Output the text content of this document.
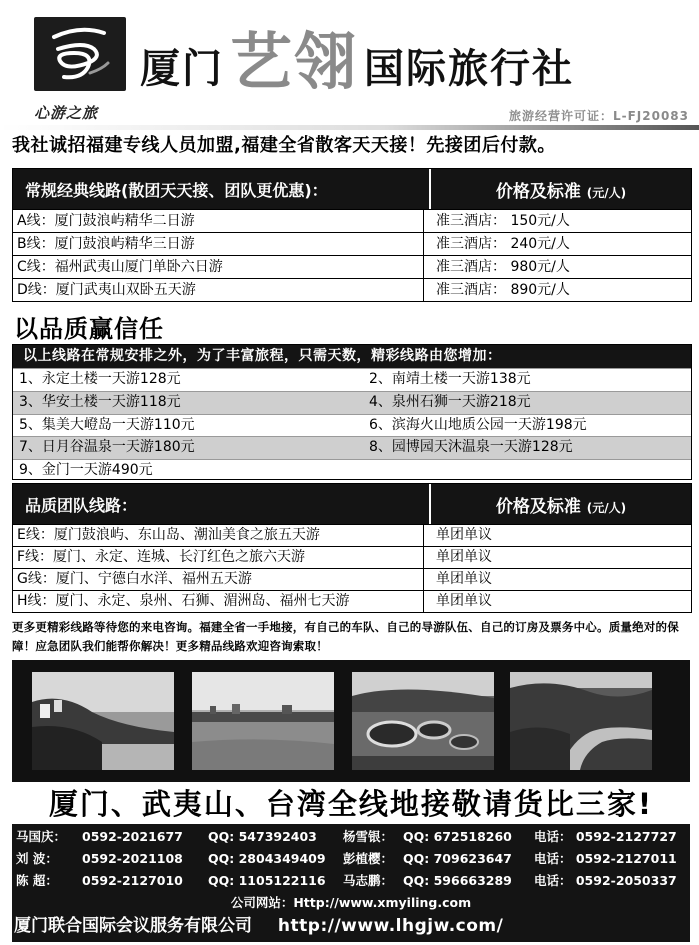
心游之旅
厦门 艺翎 国际旅行社
旅游经营许可证：L-FJ20083
我社诚招福建专线人员加盟,福建全省散客天天接！先接团后付款。
常规经典线路(散团天天接、团队更优惠)：	价格及标准 (元/人)
A线：厦门鼓浪屿精华二日游	准三酒店： 150元/人
B线：厦门鼓浪屿精华三日游	准三酒店： 240元/人
C线：福州武夷山厦门单卧六日游	准三酒店： 980元/人
D线：厦门武夷山双卧五天游	准三酒店： 890元/人
以品质赢信任
以上线路在常规安排之外，为了丰富旅程，只需天数，精彩线路由您增加：
1、永定土楼一天游128元	2、南靖土楼一天游138元
3、华安土楼一天游118元	4、泉州石狮一天游218元
5、集美大嶝岛一天游110元	6、滨海火山地质公园一天游198元
7、日月谷温泉一天游180元	8、园博园天沐温泉一天游128元
9、金门一天游490元
品质团队线路：	价格及标准 (元/人)
E线：厦门鼓浪屿、东山岛、潮汕美食之旅五天游	单团单议
F线：厦门、永定、连城、长汀红色之旅六天游	单团单议
G线：厦门、宁德白水洋、福州五天游	单团单议
H线：厦门、永定、泉州、石狮、湄洲岛、福州七天游	单团单议
更多更精彩线路等待您的来电咨询。福建全省一手地接，有自己的车队、自己的导游队伍、自己的订房及票务中心。质量绝对的保障！应急团队我们能帮你解决！更多精品线路欢迎咨询索取！
厦门、武夷山、台湾全线地接敬请货比三家!
马国庆： 0592-2021677 QQ: 547392403 杨雪银： QQ: 672518260 电话： 0592-2127727
刘 波： 0592-2021108 QQ: 2804349409 彭植樱： QQ: 709623647 电话： 0592-2127011
陈 超： 0592-2127010 QQ: 1105122116 马志鹏： QQ: 596663289 电话： 0592-2050337
公司网站：Http://www.xmyiling.com
厦门联合国际会议服务有限公司 http://www.lhgjw.com/
